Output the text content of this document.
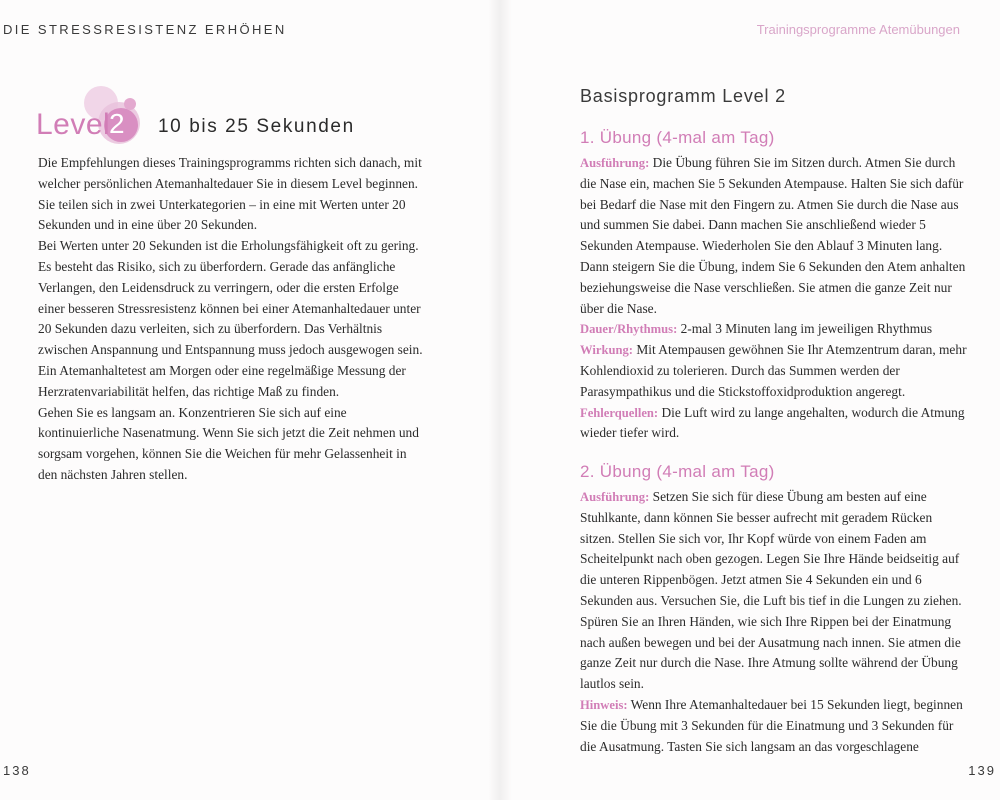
DIE STRESSRESISTENZ ERHÖHEN
Level
2 10 bis 25 Sekunden

Die Empfehlungen dieses Trainingsprogramms richten sich danach, mit welcher persönlichen Atemanhaltedauer Sie in diesem Level beginnen. Sie teilen sich in zwei Unterkategorien – in eine mit Werten unter 20 Sekunden und in eine über 20 Sekunden.

Bei Werten unter 20 Sekunden ist die Erholungsfähigkeit oft zu gering. Es besteht das Risiko, sich zu überfordern. Gerade das anfängliche Verlangen, den Leidensdruck zu verringern, oder die ersten Erfolge einer besseren Stressresistenz können bei einer Atemanhaltedauer unter 20 Sekunden dazu verleiten, sich zu überfordern. Das Verhältnis zwischen Anspannung und Entspannung muss jedoch ausgewogen sein. Ein Atemanhaltetest am Morgen oder eine regelmäßige Messung der Herzratenvariabilität helfen, das richtige Maß zu finden.

Gehen Sie es langsam an. Konzentrieren Sie sich auf eine kontinuierliche Nasenatmung. Wenn Sie sich jetzt die Zeit nehmen und sorgsam vorgehen, können Sie die Weichen für mehr Gelassenheit in den nächsten Jahren stellen.

138
Trainingsprogramme Atemübungen
Basisprogramm Level 2
1. Übung (4-mal am Tag)

Ausführung: Die Übung führen Sie im Sitzen durch. Atmen Sie durch die Nase ein, machen Sie 5 Sekunden Atempause. Halten Sie sich dafür bei Bedarf die Nase mit den Fingern zu. Atmen Sie durch die Nase aus und summen Sie dabei. Dann machen Sie anschließend wieder 5 Sekunden Atempause. Wiederholen Sie den Ablauf 3 Minuten lang. Dann steigern Sie die Übung, indem Sie 6 Sekunden den Atem anhalten beziehungsweise die Nase verschließen. Sie atmen die ganze Zeit nur über die Nase.

Dauer/Rhythmus: 2-mal 3 Minuten lang im jeweiligen Rhythmus

Wirkung: Mit Atempausen gewöhnen Sie Ihr Atemzentrum daran, mehr Kohlendioxid zu tolerieren. Durch das Summen werden der Parasympathikus und die Stickstoffoxidproduktion angeregt.

Fehlerquellen: Die Luft wird zu lange angehalten, wodurch die Atmung wieder tiefer wird.

2. Übung (4-mal am Tag)

Ausführung: Setzen Sie sich für diese Übung am besten auf eine Stuhlkante, dann können Sie besser aufrecht mit geradem Rücken sitzen. Stellen Sie sich vor, Ihr Kopf würde von einem Faden am Scheitelpunkt nach oben gezogen. Legen Sie Ihre Hände beidseitig auf die unteren Rippenbögen. Jetzt atmen Sie 4 Sekunden ein und 6 Sekunden aus. Versuchen Sie, die Luft bis tief in die Lungen zu ziehen. Spüren Sie an Ihren Händen, wie sich Ihre Rippen bei der Einatmung nach außen bewegen und bei der Ausatmung nach innen. Sie atmen die ganze Zeit nur durch die Nase. Ihre Atmung sollte während der Übung lautlos sein.

Hinweis: Wenn Ihre Atemanhaltedauer bei 15 Sekunden liegt, beginnen Sie die Übung mit 3 Sekunden für die Einatmung und 3 Sekunden für die Ausatmung. Tasten Sie sich langsam an das vorgeschlagene

139
